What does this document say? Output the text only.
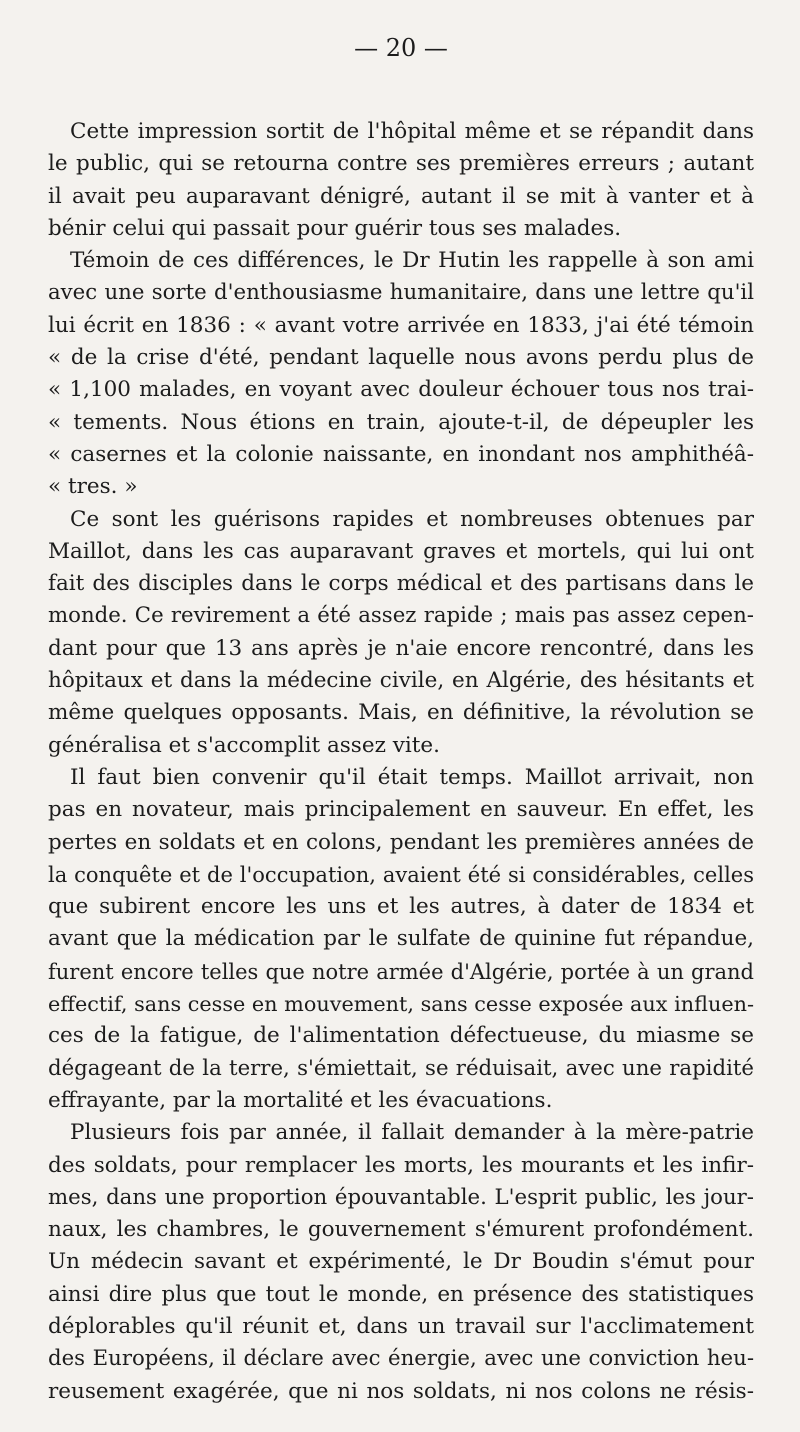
— 20 —
Cette impression sortit de l'hôpital même et se répandit dans
le public, qui se retourna contre ses premières erreurs ; autant
il avait peu auparavant dénigré, autant il se mit à vanter et à
bénir celui qui passait pour guérir tous ses malades.
Témoin de ces différences, le Dr Hutin les rappelle à son ami
avec une sorte d'enthousiasme humanitaire, dans une lettre qu'il
lui écrit en 1836 : « avant votre arrivée en 1833, j'ai été témoin
« de la crise d'été, pendant laquelle nous avons perdu plus de
« 1,100 malades, en voyant avec douleur échouer tous nos trai-
« tements. Nous étions en train, ajoute-t-il, de dépeupler les
« casernes et la colonie naissante, en inondant nos amphithéâ-
« tres. »
Ce sont les guérisons rapides et nombreuses obtenues par
Maillot, dans les cas auparavant graves et mortels, qui lui ont
fait des disciples dans le corps médical et des partisans dans le
monde. Ce revirement a été assez rapide ; mais pas assez cepen-
dant pour que 13 ans après je n'aie encore rencontré, dans les
hôpitaux et dans la médecine civile, en Algérie, des hésitants et
même quelques opposants. Mais, en définitive, la révolution se
généralisa et s'accomplit assez vite.
Il faut bien convenir qu'il était temps. Maillot arrivait, non
pas en novateur, mais principalement en sauveur. En effet, les
pertes en soldats et en colons, pendant les premières années de
la conquête et de l'occupation, avaient été si considérables, celles
que subirent encore les uns et les autres, à dater de 1834 et
avant que la médication par le sulfate de quinine fut répandue,
furent encore telles que notre armée d'Algérie, portée à un grand
effectif, sans cesse en mouvement, sans cesse exposée aux influen-
ces de la fatigue, de l'alimentation défectueuse, du miasme se
dégageant de la terre, s'émiettait, se réduisait, avec une rapidité
effrayante, par la mortalité et les évacuations.
Plusieurs fois par année, il fallait demander à la mère-patrie
des soldats, pour remplacer les morts, les mourants et les infir-
mes, dans une proportion épouvantable. L'esprit public, les jour-
naux, les chambres, le gouvernement s'émurent profondément.
Un médecin savant et expérimenté, le Dr Boudin s'émut pour
ainsi dire plus que tout le monde, en présence des statistiques
déplorables qu'il réunit et, dans un travail sur l'acclimatement
des Européens, il déclare avec énergie, avec une conviction heu-
reusement exagérée, que ni nos soldats, ni nos colons ne résis-
